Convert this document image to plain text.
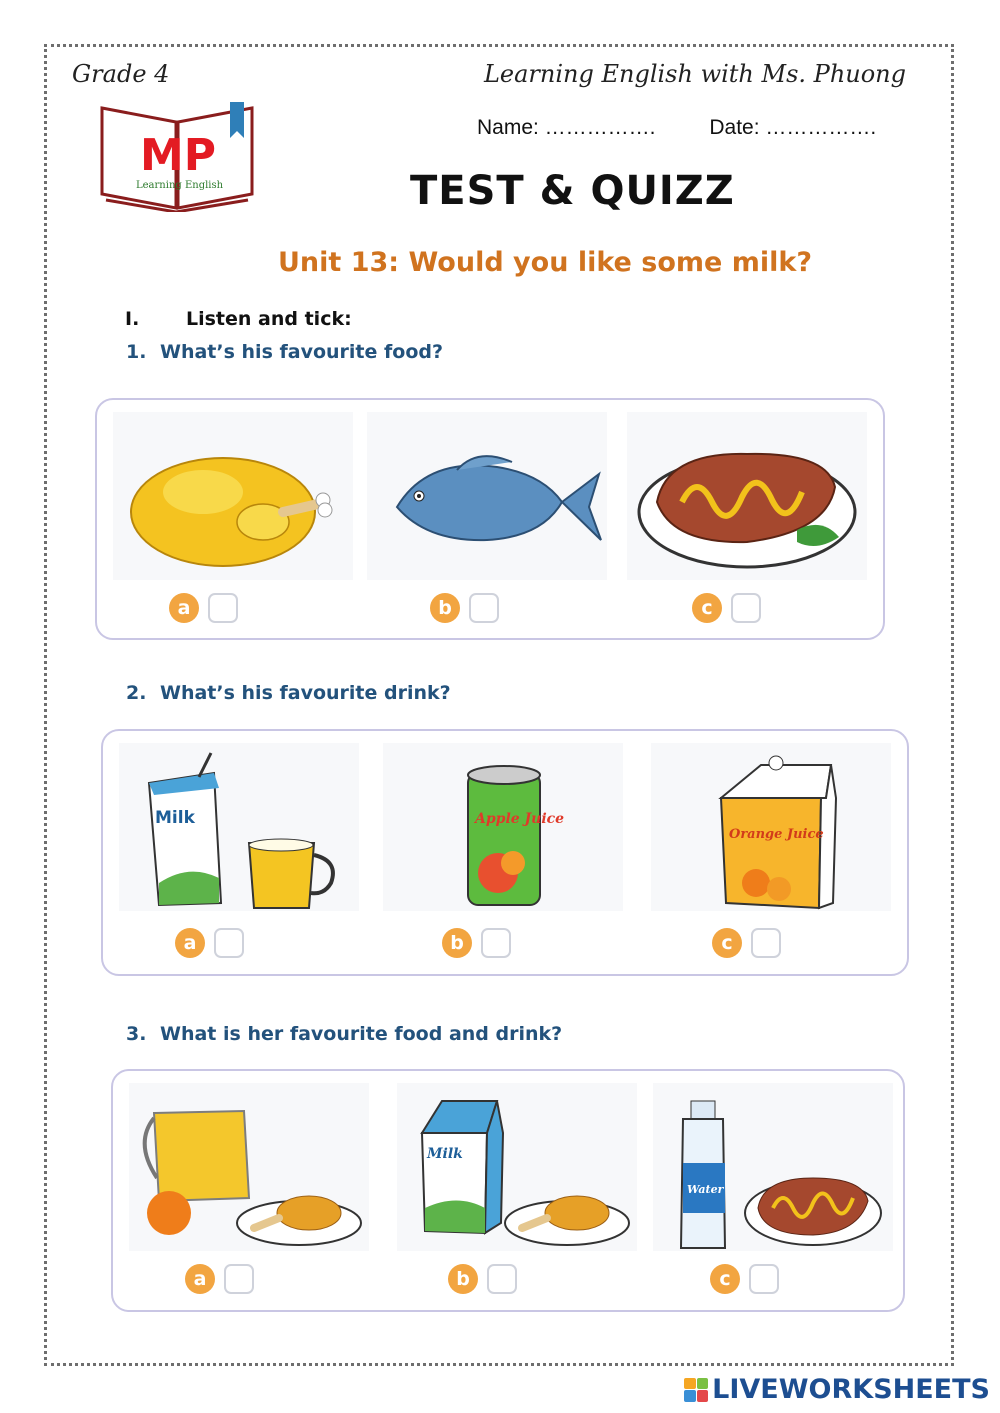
Grade 4	Learning English with Ms. Phuong
MP
Learning English
Name: …………….	Date: …………….
TEST & QUIZZ
Unit 13: Would you like some milk?
I. Listen and tick:
1. What’s his favourite food?
a	b	c
2. What’s his favourite drink?
Milk	Apple Juice
Orange Juice
a	b	c
3. What is her favourite food and drink?
Milk
Water
a	b	c
LIVEWORKSHEETS
